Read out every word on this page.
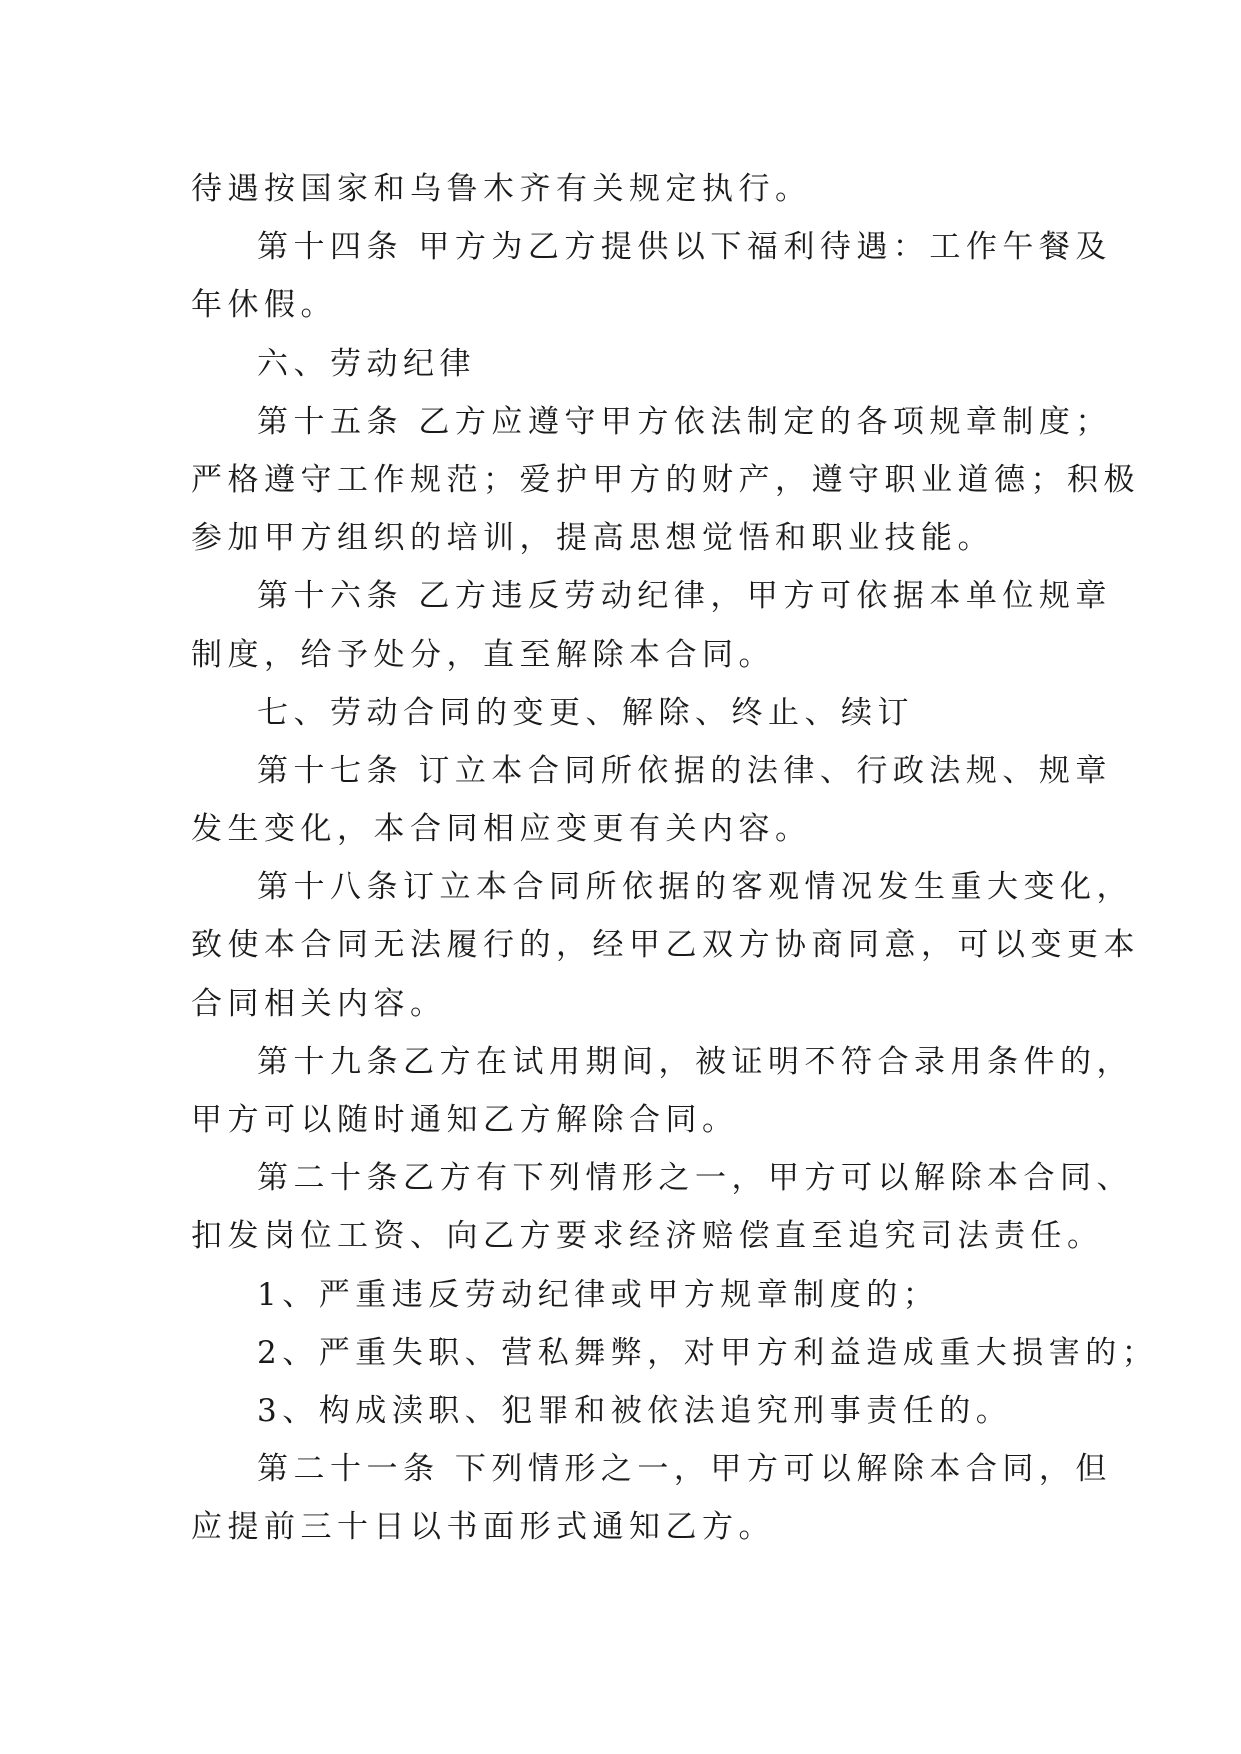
待遇按国家和乌鲁木齐有关规定执行。
第十四条 甲方为乙方提供以下福利待遇：工作午餐及
年休假。
六、劳动纪律
第十五条 乙方应遵守甲方依法制定的各项规章制度；
严格遵守工作规范；爱护甲方的财产，遵守职业道德；积极
参加甲方组织的培训，提高思想觉悟和职业技能。
第十六条 乙方违反劳动纪律，甲方可依据本单位规章
制度，给予处分，直至解除本合同。
七、劳动合同的变更、解除、终止、续订
第十七条 订立本合同所依据的法律、行政法规、规章
发生变化，本合同相应变更有关内容。
第十八条订立本合同所依据的客观情况发生重大变化，
致使本合同无法履行的，经甲乙双方协商同意，可以变更本
合同相关内容。
第十九条乙方在试用期间，被证明不符合录用条件的，
甲方可以随时通知乙方解除合同。
第二十条乙方有下列情形之一，甲方可以解除本合同、
扣发岗位工资、向乙方要求经济赔偿直至追究司法责任。
1、严重违反劳动纪律或甲方规章制度的；
2、严重失职、营私舞弊，对甲方利益造成重大损害的；
3、构成渎职、犯罪和被依法追究刑事责任的。
第二十一条 下列情形之一，甲方可以解除本合同，但
应提前三十日以书面形式通知乙方。
